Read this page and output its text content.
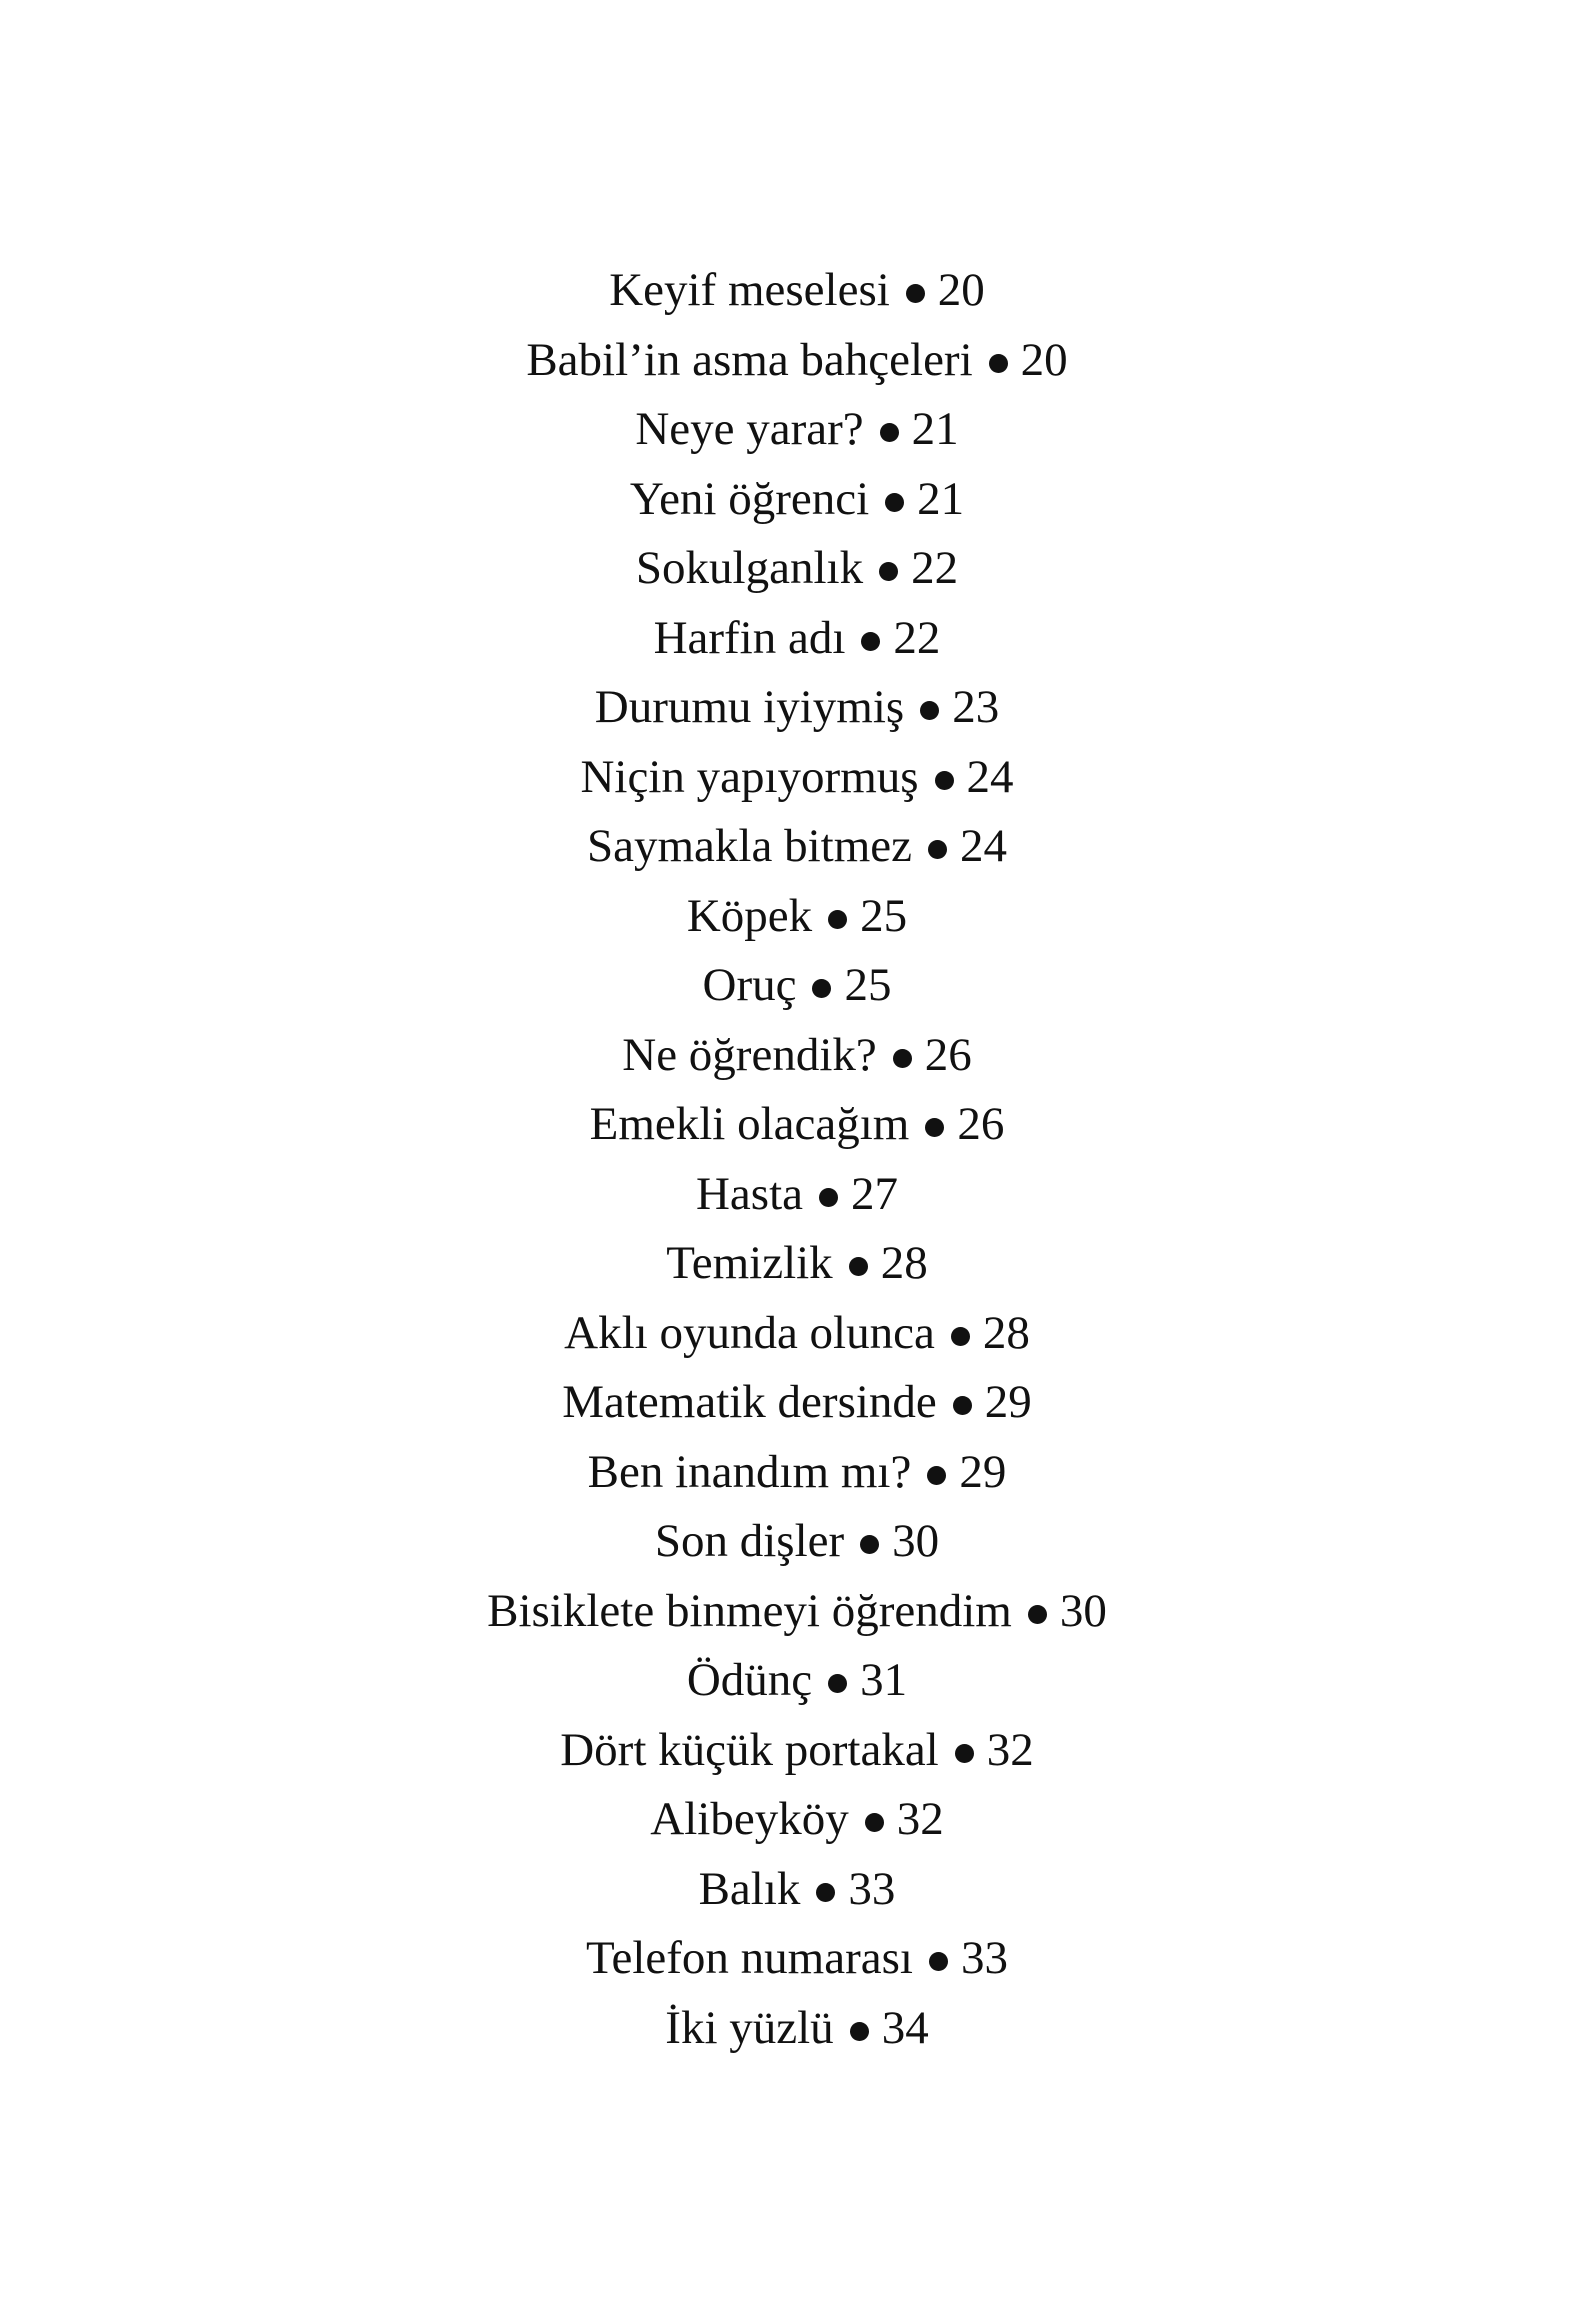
Keyif meselesi 20
Babil’in asma bahçeleri 20
Neye yarar? 21
Yeni öğrenci 21
Sokulganlık 22
Harfin adı 22
Durumu iyiymiş 23
Niçin yapıyormuş 24
Saymakla bitmez 24
Köpek 25
Oruç 25
Ne öğrendik? 26
Emekli olacağım 26
Hasta 27
Temizlik 28
Aklı oyunda olunca 28
Matematik dersinde 29
Ben inandım mı? 29
Son dişler 30
Bisiklete binmeyi öğrendim 30
Ödünç 31
Dört küçük portakal 32
Alibeyköy 32
Balık 33
Telefon numarası 33
İki yüzlü 34
